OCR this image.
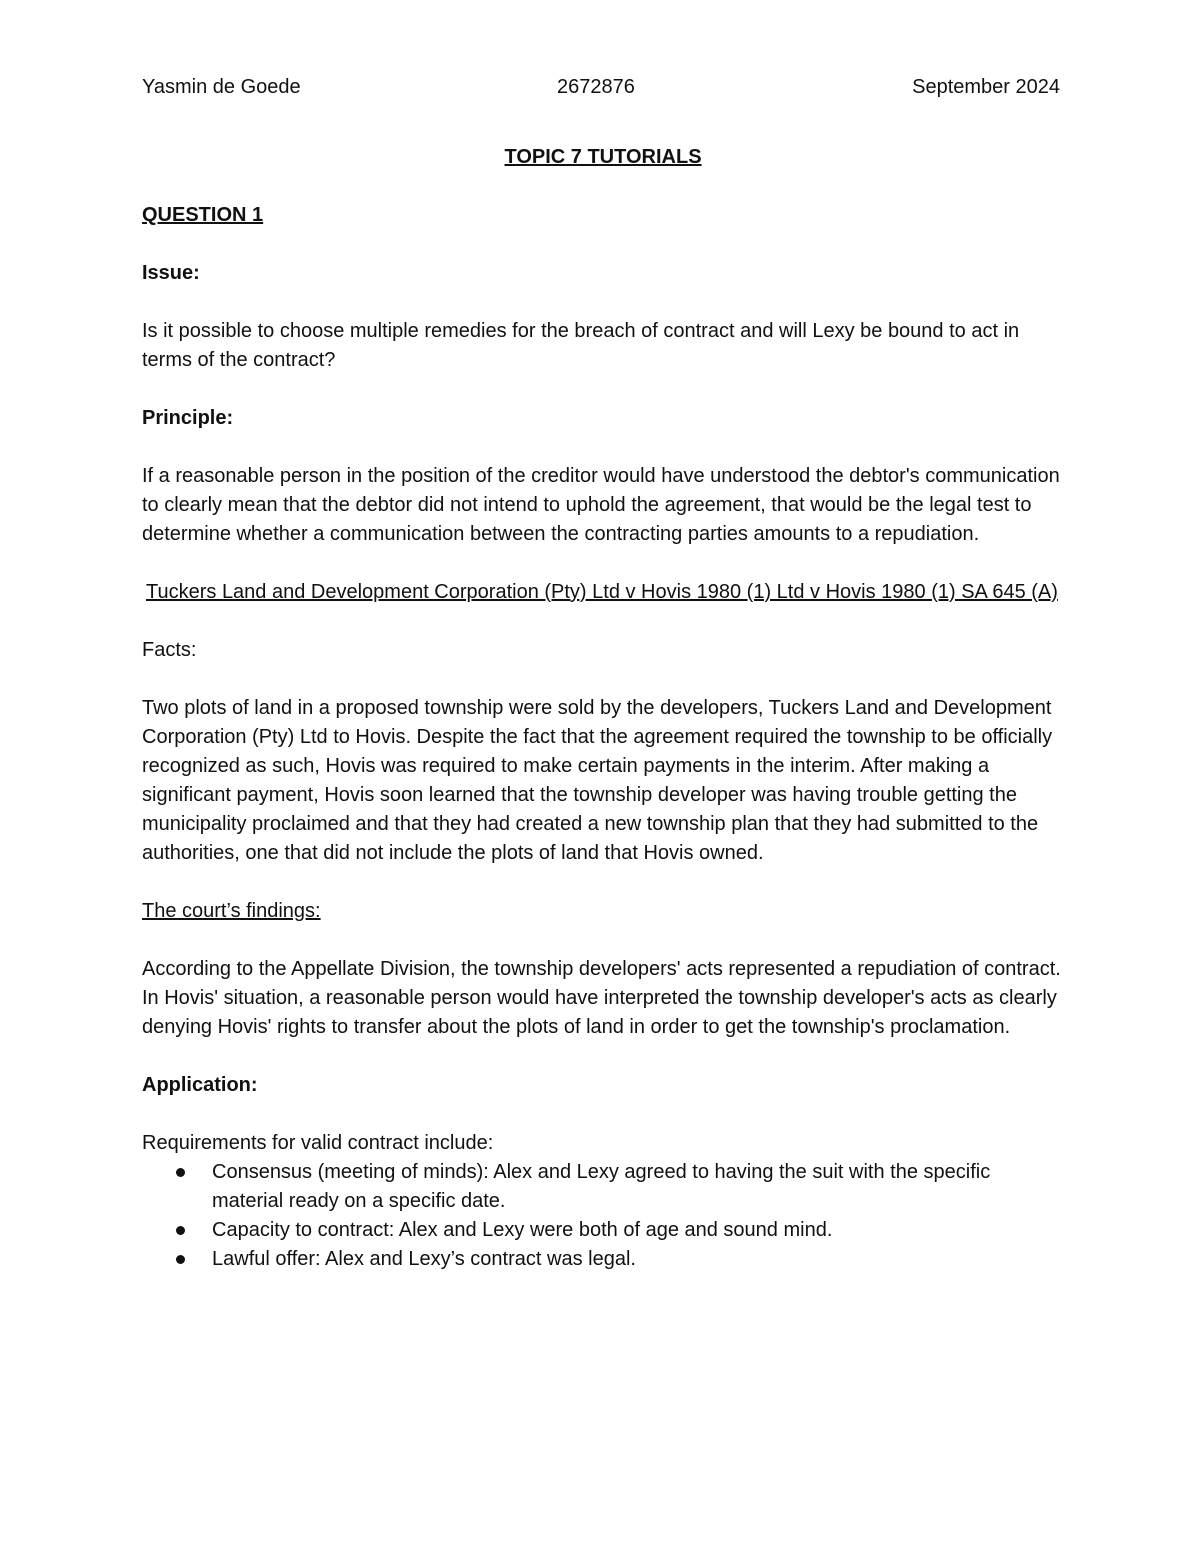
Yasmin de Goede	2672876	September 2024
TOPIC 7 TUTORIALS
QUESTION 1
Issue:

Is it possible to choose multiple remedies for the breach of contract and will Lexy be bound to act in terms of the contract?

Principle:

If a reasonable person in the position of the creditor would have understood the debtor's communication to clearly mean that the debtor did not intend to uphold the agreement, that would be the legal test to determine whether a communication between the contracting parties amounts to a repudiation.

Tuckers Land and Development Corporation (Pty) Ltd v Hovis 1980 (1) Ltd v Hovis 1980 (1) SA 645 (A)

Facts:

Two plots of land in a proposed township were sold by the developers, Tuckers Land and Development Corporation (Pty) Ltd to Hovis. Despite the fact that the agreement required the township to be officially recognized as such, Hovis was required to make certain payments in the interim. After making a significant payment, Hovis soon learned that the township developer was having trouble getting the municipality proclaimed and that they had created a new township plan that they had submitted to the authorities, one that did not include the plots of land that Hovis owned.

The court’s findings:

According to the Appellate Division, the township developers' acts represented a repudiation of contract. In Hovis' situation, a reasonable person would have interpreted the township developer's acts as clearly denying Hovis' rights to transfer about the plots of land in order to get the township's proclamation.

Application:
Requirements for valid contract include:
Consensus (meeting of minds): Alex and Lexy agreed to having the suit with the specific material ready on a specific date.
Capacity to contract: Alex and Lexy were both of age and sound mind.
Lawful offer: Alex and Lexy’s contract was legal.
